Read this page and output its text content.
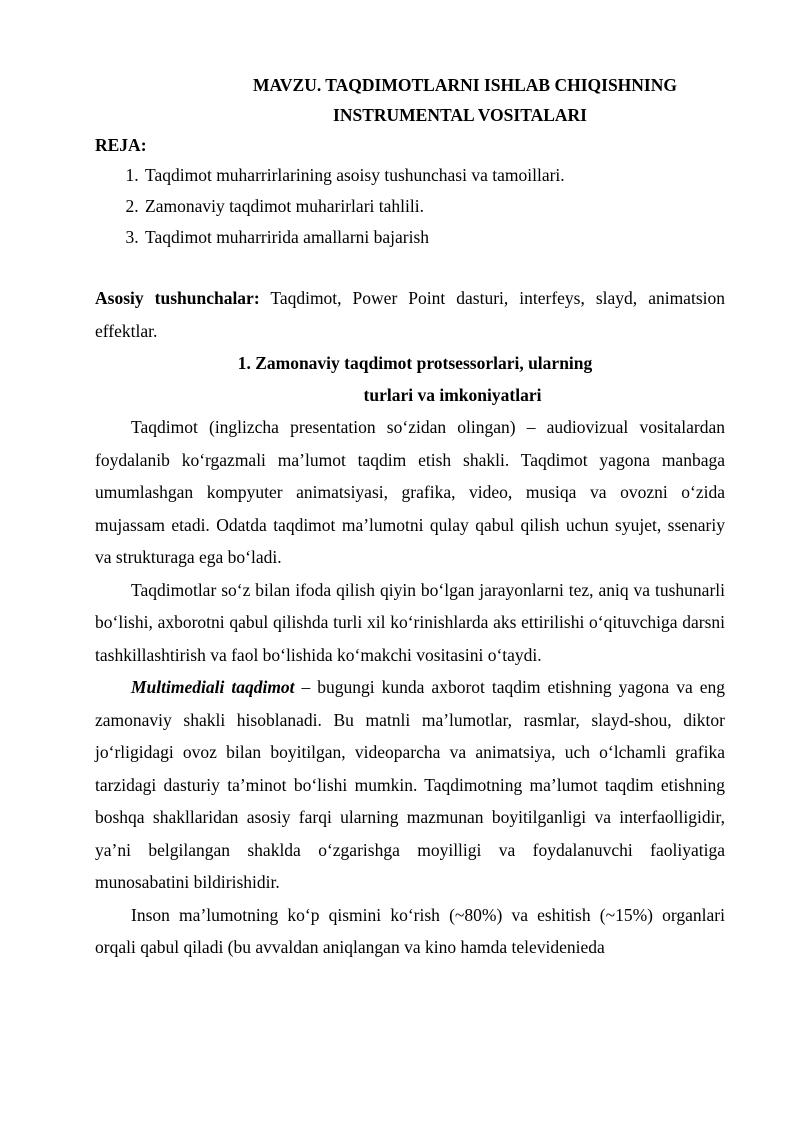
MAVZU. TAQDIMOTLARNI ISHLAB CHIQISHNING

INSTRUMENTAL VOSITALARI

REJA:

1. Taqdimot muharrirlarining asoisy tushunchasi va tamoillari.
2. Zamonaviy taqdimot muharirlari tahlili.
3. Taqdimot muharririda amallarni bajarish

Asosiy tushunchalar: Taqdimot, Power Point dasturi, interfeys, slayd, animatsion effektlar.

1. Zamonaviy taqdimot protsessorlari, ularning

turlari va imkoniyatlari

Taqdimot (inglizcha presentation so‘zidan olingan) – audiovizual vositalardan foydalanib ko‘rgazmali ma’lumot taqdim etish shakli. Taqdimot yagona manbaga umumlashgan kompyuter animatsiyasi, grafika, video, musiqa va ovozni o‘zida mujassam etadi. Odatda taqdimot ma’lumotni qulay qabul qilish uchun syujet, ssenariy va strukturaga ega bo‘ladi.

Taqdimotlar so‘z bilan ifoda qilish qiyin bo‘lgan jarayonlarni tez, aniq va tushunarli bo‘lishi, axborotni qabul qilishda turli xil ko‘rinishlarda aks ettirilishi o‘qituvchiga darsni tashkillashtirish va faol bo‘lishida ko‘makchi vositasini o‘taydi.

Multimediali taqdimot – bugungi kunda axborot taqdim etishning yagona va eng zamonaviy shakli hisoblanadi. Bu matnli ma’lumotlar, rasmlar, slayd-shou, diktor jo‘rligidagi ovoz bilan boyitilgan, videoparcha va animatsiya, uch o‘lchamli grafika tarzidagi dasturiy ta’minot bo‘lishi mumkin. Taqdimotning ma’lumot taqdim etishning boshqa shakllaridan asosiy farqi ularning mazmunan boyitilganligi va interfaolligidir, ya’ni belgilangan shaklda o‘zgarishga moyilligi va foydalanuvchi faoliyatiga munosabatini bildirishidir.

Inson ma’lumotning ko‘p qismini ko‘rish (~80%) va eshitish (~15%) organlari orqali qabul qiladi (bu avvaldan aniqlangan va kino hamda televidenieda
